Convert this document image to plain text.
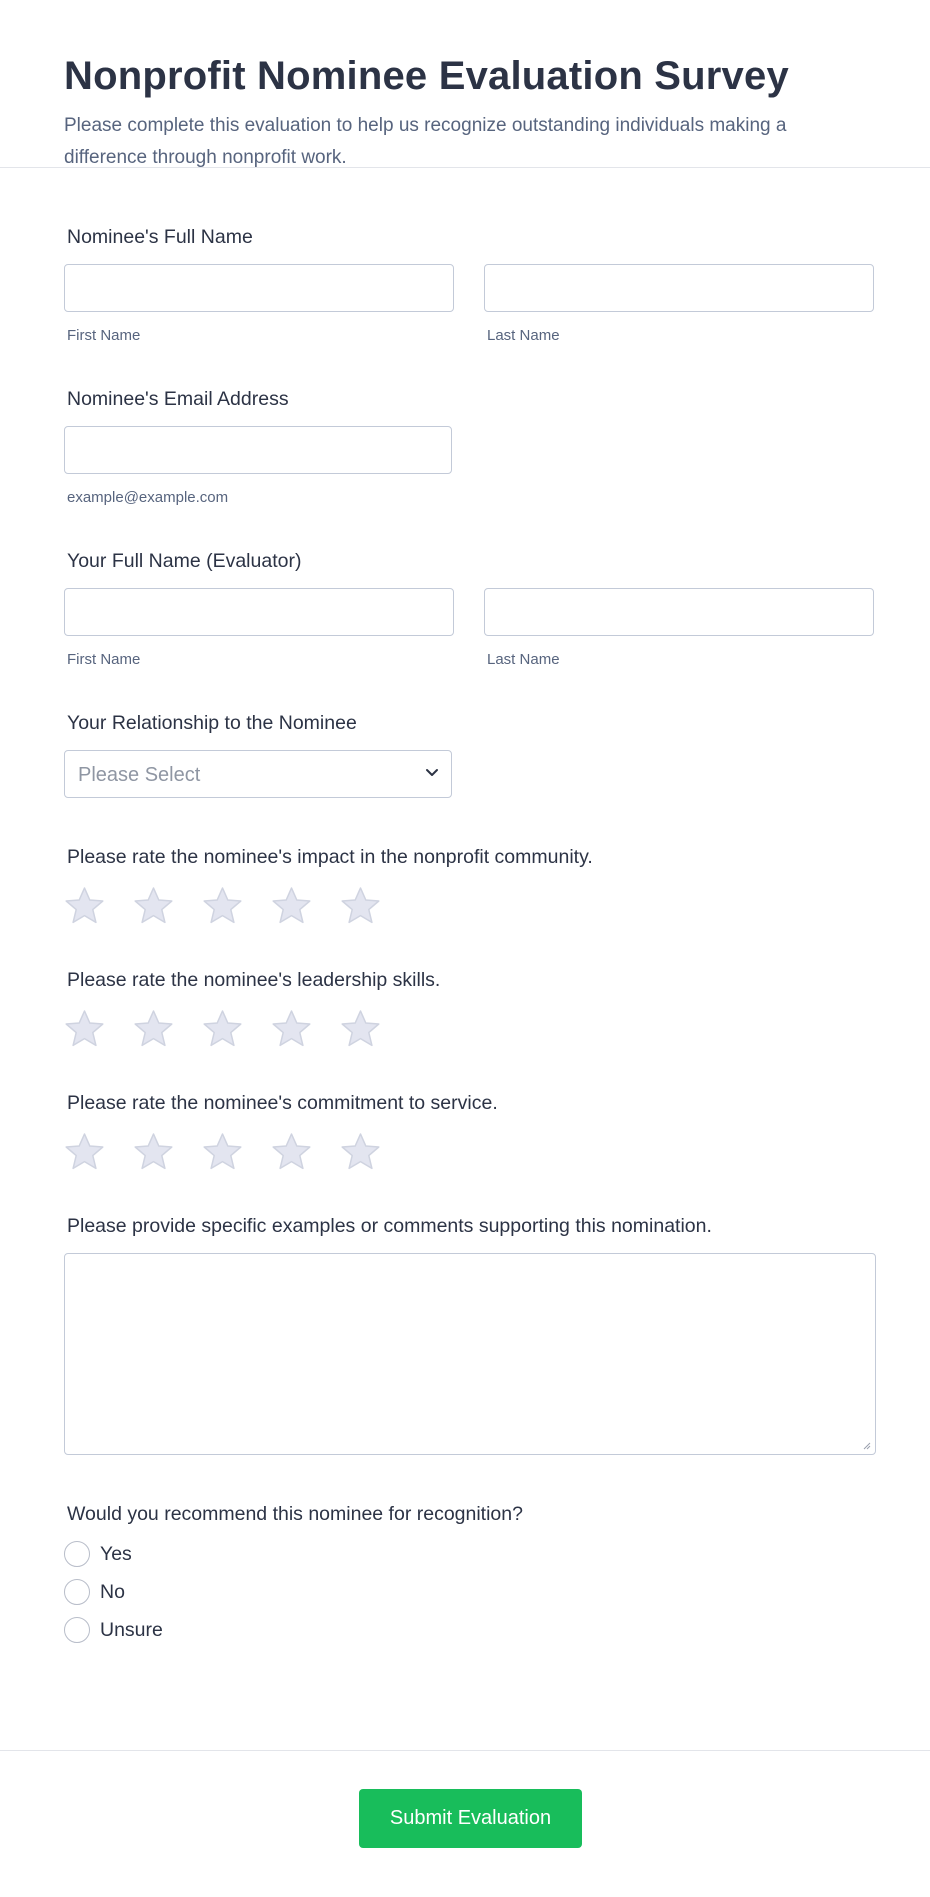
Nonprofit Nominee Evaluation Survey

Please complete this evaluation to help us recognize outstanding individuals making a difference through nonprofit work.

Nominee's Full Name
First Name	Last Name
Nominee's Email Address
example@example.com
Your Full Name (Evaluator)
First Name	Last Name
Your Relationship to the Nominee
Please Select
Please rate the nominee's impact in the nonprofit community.
Please rate the nominee's leadership skills.
Please rate the nominee's commitment to service.
Please provide specific examples or comments supporting this nomination.
Would you recommend this nominee for recognition?
Yes
No
Unsure
Submit Evaluation
